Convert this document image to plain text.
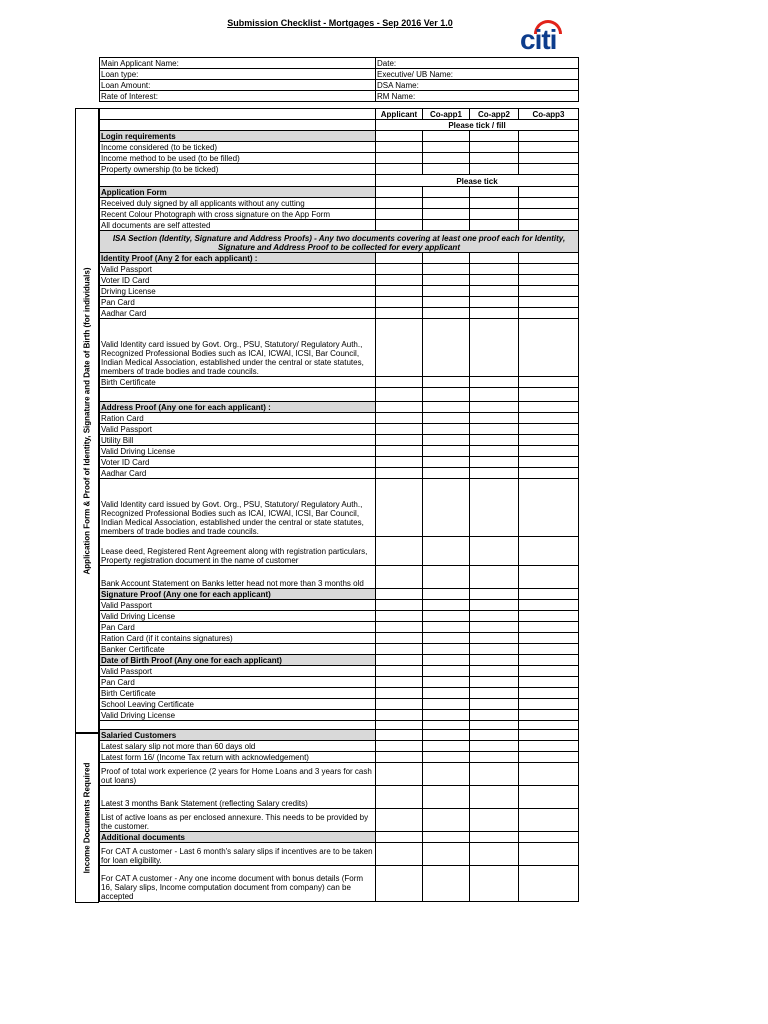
Submission Checklist - Mortgages - Sep 2016 Ver 1.0
citi
Main Applicant Name:	Date:
Loan type:	Executive/ UB Name:
Loan Amount:	DSA Name:
Rate of Interest:	RM Name:
Application Form & Proof of Identity, Signature and Date of Birth (for individuals)
Income Documents Required
	Applicant	Co-app1	Co-app2	Co-app3
	Please tick / fill			
Login requirements				
Income considered (to be ticked)				
Income method to be used (to be filled)				
Property ownership (to be ticked)				
	Please tick			
Application Form				
Received duly signed by all applicants without any cutting				
Recent Colour Photograph with cross signature on the App Form				
All documents are self attested				
ISA Section (Identity, Signature and Address Proofs) - Any two documents covering at least one proof each for Identity, Signature and Address Proof to be collected for every applicant				
Identity Proof (Any 2 for each applicant) :				
Valid Passport				
Voter ID Card				
Driving License				
Pan Card				
Aadhar Card				
Valid Identity card issued by Govt. Org., PSU, Statutory/ Regulatory Auth., Recognized Professional Bodies such as ICAI, ICWAI, ICSI, Bar Council, Indian Medical Association, established under the central or state statutes, members of trade bodies and trade councils.				
Birth Certificate				

Address Proof (Any one for each applicant) :				
Ration Card				
Valid Passport				
Utility Bill				
Valid Driving License				
Voter ID Card				
Aadhar Card				
Valid Identity card issued by Govt. Org., PSU, Statutory/ Regulatory Auth., Recognized Professional Bodies such as ICAI, ICWAI, ICSI, Bar Council, Indian Medical Association, established under the central or state statutes, members of trade bodies and trade councils.				
Lease deed, Registered Rent Agreement along with registration particulars, Property registration document in the name of customer				
Bank Account Statement on Banks letter head not more than 3 months old				
Signature Proof (Any one for each applicant)				
Valid Passport				
Valid Driving License				
Pan Card				
Ration Card (if it contains signatures)				
Banker Certificate				
Date of Birth Proof (Any one for each applicant)				
Valid Passport				
Pan Card				
Birth Certificate				
School Leaving Certificate				
Valid Driving License				

Salaried Customers				
Latest salary slip not more than 60 days old				
Latest form 16/ (Income Tax return with acknowledgement)				
Proof of total work experience (2 years for Home Loans and 3 years for cash out loans)				
Latest 3 months Bank Statement (reflecting Salary credits)				
List of active loans as per enclosed annexure. This needs to be provided by the customer.				
Additional documents				
For CAT A customer - Last 6 month's salary slips if incentives are to be taken for loan eligibility.				
For CAT A customer - Any one income document with bonus details (Form 16, Salary slips, Income computation document from company) can be accepted				
